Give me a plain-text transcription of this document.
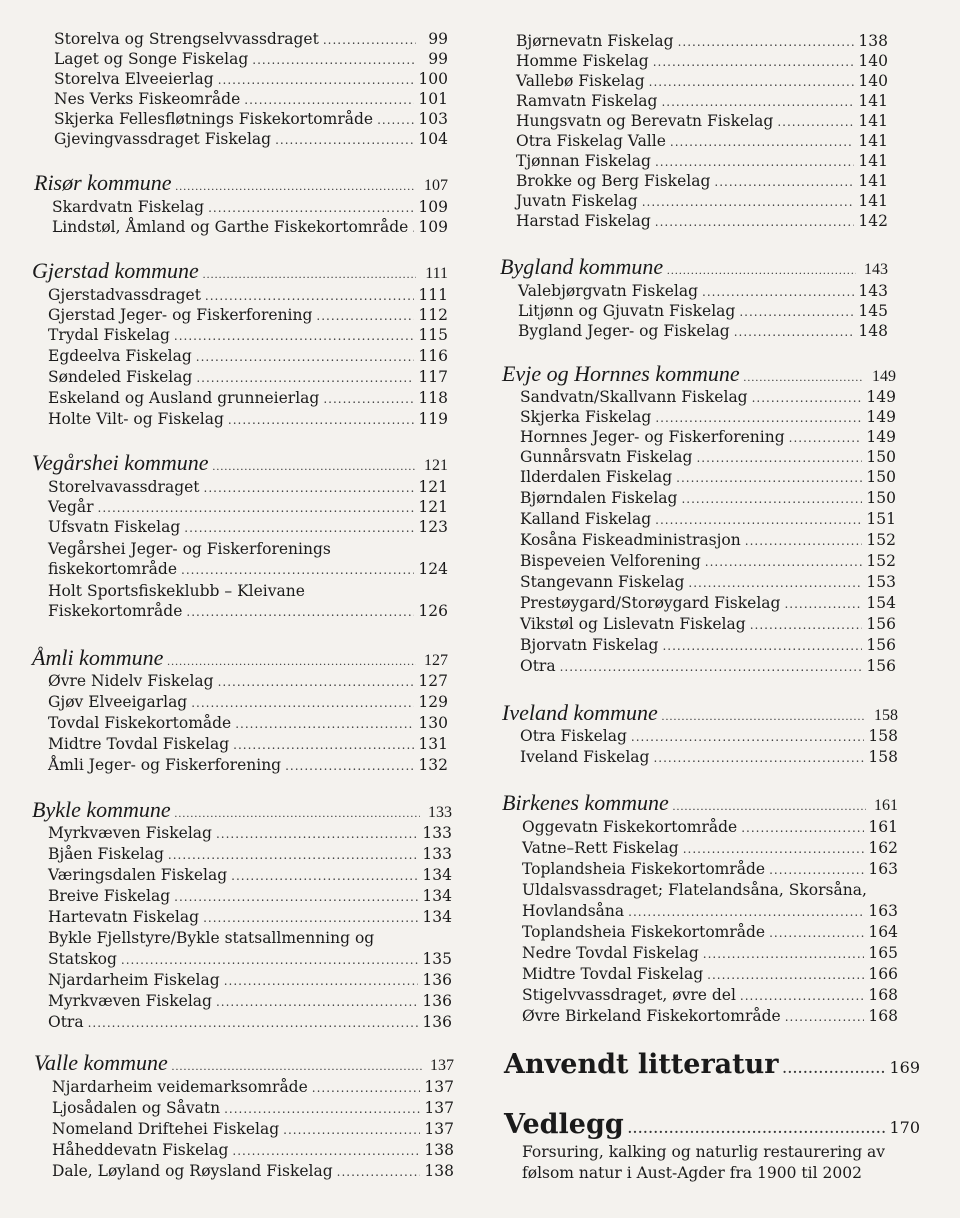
Storelva og Strengselvvassdraget .....	99
Laget og Songe Fiskelag .....	99
Storelva Elveeierlag .....	100
Nes Verks Fiskeområde .....	101
Skjerka Fellesfløtnings Fiskekortområde .....	103
Gjevingvassdraget Fiskelag .....	104
Risør kommune .....	107
Skardvatn Fiskelag .....	109
Lindstøl, Åmland og Garthe Fiskekortområde ..... 109
Gjerstad kommune .....	111
Gjerstadvassdraget .....	111
Gjerstad Jeger- og Fiskerforening .....	112
Trydal Fiskelag .....	115
Egdeelva Fiskelag .....	116
Søndeled Fiskelag .....	117
Eskeland og Ausland grunneierlag .....	118
Holte Vilt- og Fiskelag .....	119
Vegårshei kommune .....	121
Storelvavassdraget .....	121
Vegår .....	121
Ufsvatn Fiskelag .....	123
Vegårshei Jeger- og Fiskerforenings
fiskekortområde .....	124
Holt Sportsfiskeklubb – Kleivane
Fiskekortområde .....	126
Åmli kommune .....	127
Øvre Nidelv Fiskelag .....	127
Gjøv Elveeigarlag .....	129
Tovdal Fiskekortomåde .....	130
Midtre Tovdal Fiskelag .....	131
Åmli Jeger- og Fiskerforening .....	132
Bykle kommune .....	133
Myrkvæven Fiskelag .....	133
Bjåen Fiskelag .....	133
Væringsdalen Fiskelag .....	134
Breive Fiskelag .....	134
Hartevatn Fiskelag .....	134
Bykle Fjellstyre/Bykle statsallmenning og
Statskog .....	135
Njardarheim Fiskelag .....	136
Myrkvæven Fiskelag .....	136
Otra .....	136
Valle kommune .....	137
Njardarheim veidemarksområde .....	137
Ljosådalen og Såvatn .....	137
Nomeland Driftehei Fiskelag .....	137
Håheddevatn Fiskelag .....	138
Dale, Løyland og Røysland Fiskelag .....	138
Bjørnevatn Fiskelag .....	138
Homme Fiskelag .....	140
Vallebø Fiskelag .....	140
Ramvatn Fiskelag .....	141
Hungsvatn og Berevatn Fiskelag .....	141
Otra Fiskelag Valle .....	141
Tjønnan Fiskelag .....	141
Brokke og Berg Fiskelag .....	141
Juvatn Fiskelag .....	141
Harstad Fiskelag .....	142
Bygland kommune .....	143
Valebjørgvatn Fiskelag .....	143
Litjønn og Gjuvatn Fiskelag .....	145
Bygland Jeger- og Fiskelag .....	148
Evje og Hornnes kommune .....	149
Sandvatn/Skallvann Fiskelag .....	149
Skjerka Fiskelag .....	149
Hornnes Jeger- og Fiskerforening .....	149
Gunnårsvatn Fiskelag .....	150
Ilderdalen Fiskelag .....	150
Bjørndalen Fiskelag .....	150
Kalland Fiskelag .....	151
Kosåna Fiskeadministrasjon .....	152
Bispeveien Velforening .....	152
Stangevann Fiskelag .....	153
Prestøygard/Storøygard Fiskelag .....	154
Vikstøl og Lislevatn Fiskelag .....	156
Bjorvatn Fiskelag .....	156
Otra .....	156
Iveland kommune .....	158
Otra Fiskelag .....	158
Iveland Fiskelag .....	158
Birkenes kommune .....	161
Oggevatn Fiskekortområde .....	161
Vatne–Rett Fiskelag .....	162
Toplandsheia Fiskekortområde .....	163
Uldalsvassdraget; Flatelandsåna, Skorsåna,
Hovlandsåna .....	163
Toplandsheia Fiskekortområde .....	164
Nedre Tovdal Fiskelag .....	165
Midtre Tovdal Fiskelag .....	166
Stigelvvassdraget, øvre del .....	168
Øvre Birkeland Fiskekortområde .....	168
Anvendt litteratur .....	169
Vedlegg .....	170
Forsuring, kalking og naturlig restaurering av følsom natur i Aust-Agder fra 1900 til 2002
